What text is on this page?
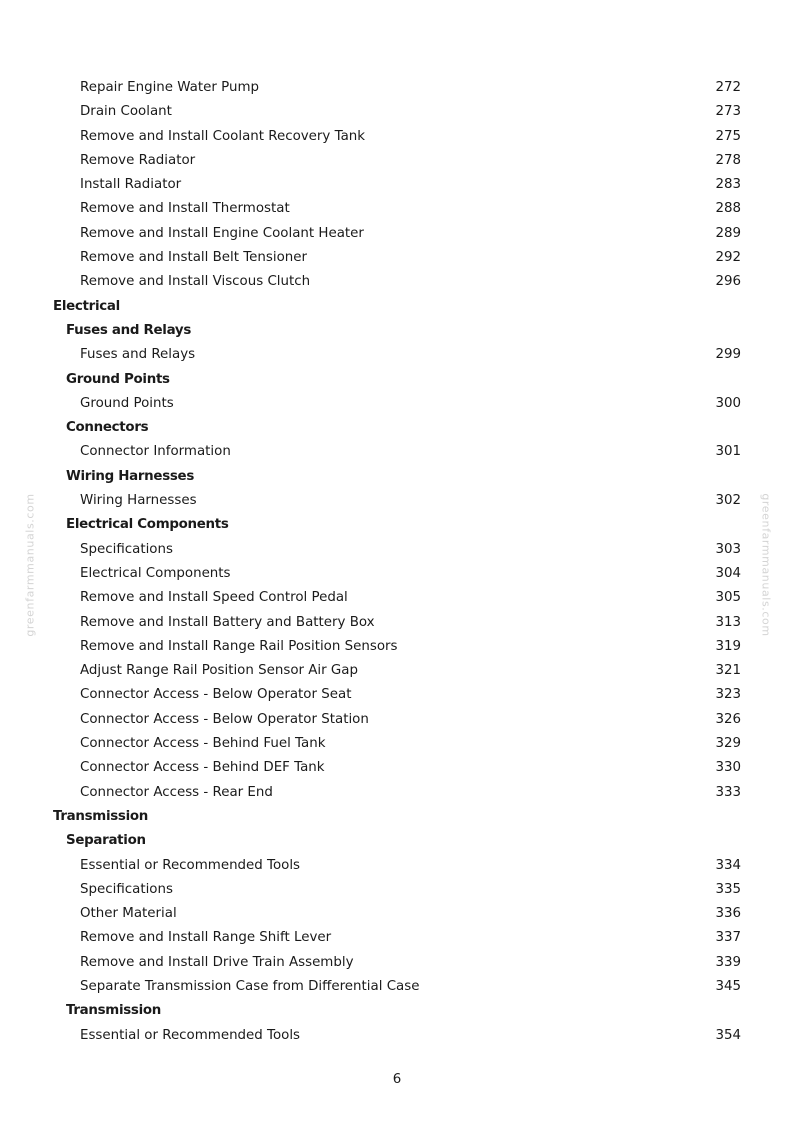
greenfarmmanuals.com	greenfarmmanuals.com
Repair Engine Water Pump	272
Drain Coolant	273
Remove and Install Coolant Recovery Tank	275
Remove Radiator	278
Install Radiator	283
Remove and Install Thermostat	288
Remove and Install Engine Coolant Heater	289
Remove and Install Belt Tensioner	292
Remove and Install Viscous Clutch	296
Electrical
Fuses and Relays
Fuses and Relays	299
Ground Points
Ground Points	300
Connectors
Connector Information	301
Wiring Harnesses
Wiring Harnesses	302
Electrical Components
Specifications	303
Electrical Components	304
Remove and Install Speed Control Pedal	305
Remove and Install Battery and Battery Box	313
Remove and Install Range Rail Position Sensors	319
Adjust Range Rail Position Sensor Air Gap	321
Connector Access - Below Operator Seat	323
Connector Access - Below Operator Station	326
Connector Access - Behind Fuel Tank	329
Connector Access - Behind DEF Tank	330
Connector Access - Rear End	333
Transmission
Separation
Essential or Recommended Tools	334
Specifications	335
Other Material	336
Remove and Install Range Shift Lever	337
Remove and Install Drive Train Assembly	339
Separate Transmission Case from Differential Case	345
Transmission
Essential or Recommended Tools	354
6
